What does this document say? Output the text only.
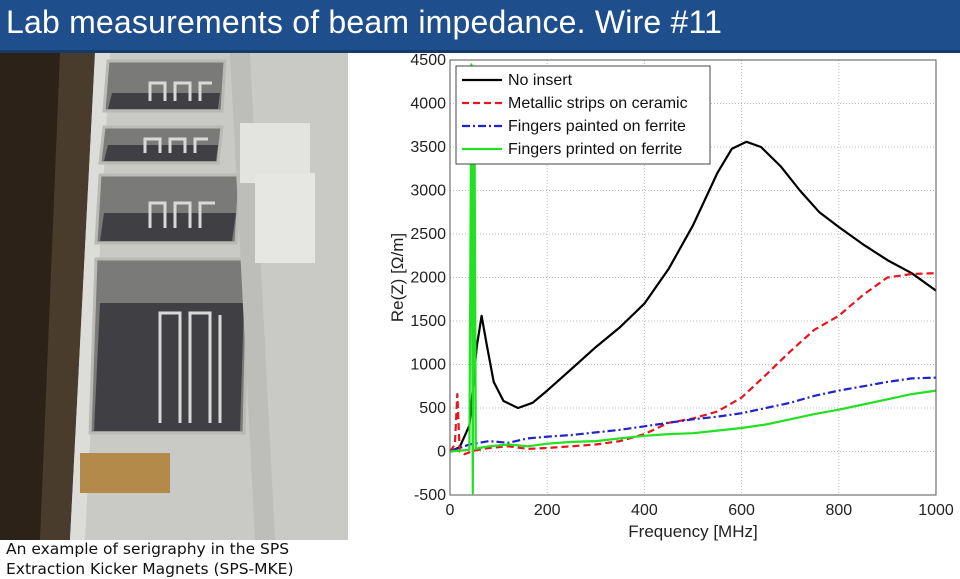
Lab measurements of beam impedance. Wire #11
An example of serigraphy in the SPS
Extraction Kicker Magnets (SPS-MKE)
0	200	400	600	800	1000
-500
0
500
1000
1500
2000
2500
3000
3500
4000
4500
Frequency [MHz]
Re(Z) [Ω/m]
No insert
Metallic strips on ceramic
Fingers painted on ferrite
Fingers printed on ferrite
